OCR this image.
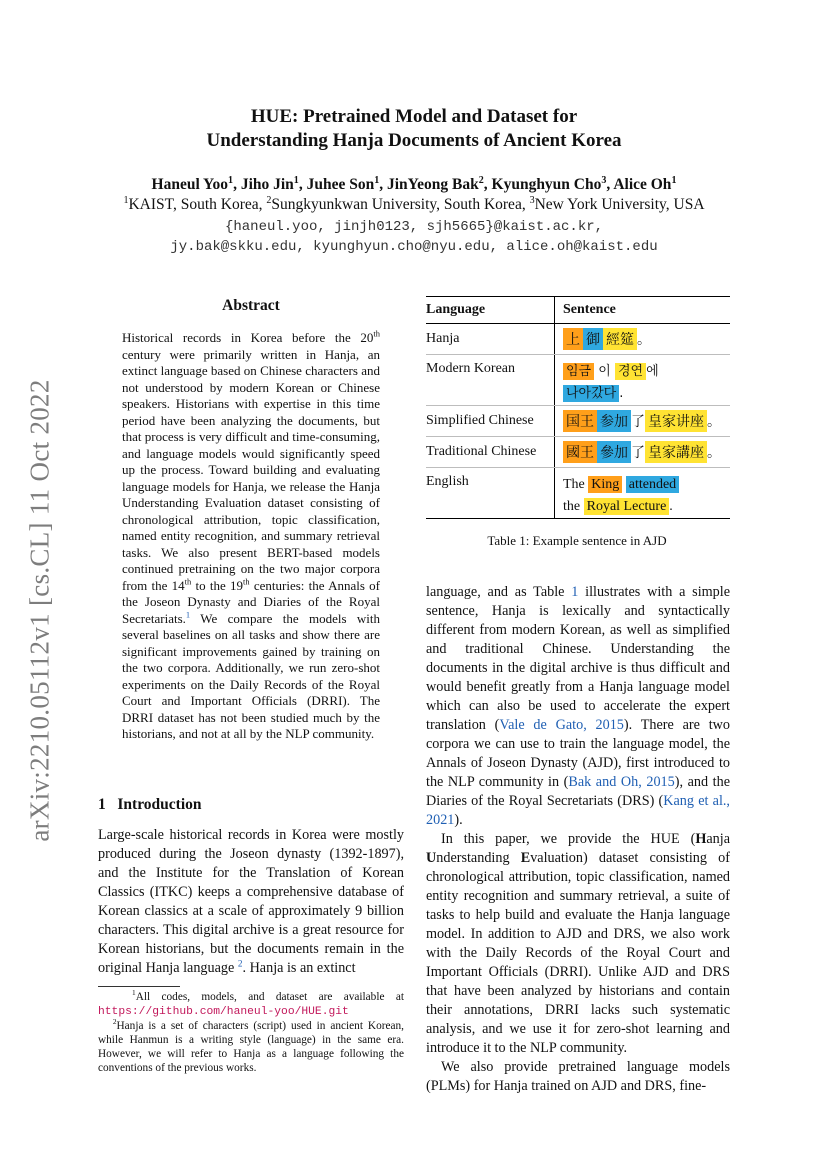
arXiv:2210.05112v1 [cs.CL] 11 Oct 2022
HUE: Pretrained Model and Dataset for
Understanding Hanja Documents of Ancient Korea
Haneul Yoo$^1$, Jiho Jin$^1$, Juhee Son$^1$, JinYeong Bak$^2$, Kyunghyun Cho$^3$, Alice Oh$^1$
$^1$KAIST, South Korea, $^2$Sungkyunkwan University, South Korea, $^3$New York University, USA
{haneul.yoo, jinjh0123, sjh5665}@kaist.ac.kr,
jy.bak@skku.edu, kyunghyun.cho@nyu.edu, alice.oh@kaist.edu
Abstract
Historical records in Korea before the 20th century were primarily written in Hanja, an extinct language based on Chinese characters and not understood by modern Korean or Chinese speakers. Historians with expertise in this time period have been analyzing the documents, but that process is very difficult and time-consuming, and language models would significantly speed up the process. Toward building and evaluating language models for Hanja, we release the Hanja Understanding Evaluation dataset consisting of chronological attribution, topic classification, named entity recognition, and summary retrieval tasks. We also present BERT-based models continued pretraining on the two major corpora from the 14th to the 19th centuries: the Annals of the Joseon Dynasty and Diaries of the Royal Secretariats.$^1$ We compare the models with several baselines on all tasks and show there are significant improvements gained by training on the two corpora. Additionally, we run zero-shot experiments on the Daily Records of the Royal Court and Important Officials (DRRI). The DRRI dataset has not been studied much by the historians, and not at all by the NLP community.
1 Introduction
Large-scale historical records in Korea were mostly produced during the Joseon dynasty (1392-1897), and the Institute for the Translation of Korean Classics (ITKC) keeps a comprehensive database of Korean classics at a scale of approximately 9 billion characters. This digital archive is a great resource for Korean historians, but the documents remain in the original Hanja language $^2$. Hanja is an extinct
$^1$All codes, models, and dataset are available at https://github.com/haneul-yoo/HUE.git
$^2$Hanja is a set of characters (script) used in ancient Korean, while Hanmun is a writing style (language) in the same era. However, we will refer to Hanja as a language following the conventions of the previous works.
Language	Sentence
Hanja	上 御 經筵 。
Modern Korean	임금 이 경연 에
나아갔다 .
Simplified Chinese	国王 参加 了 皇家讲座 。
Traditional Chinese	國王 參加 了 皇家講座 。
English	The King attended
the Royal Lecture .
Table 1: Example sentence in AJD

language, and as Table 1 illustrates with a simple sentence, Hanja is lexically and syntactically different from modern Korean, as well as simplified and traditional Chinese. Understanding the documents in the digital archive is thus difficult and would benefit greatly from a Hanja language model which can also be used to accelerate the expert translation (Vale de Gato, 2015). There are two corpora we can use to train the language model, the Annals of Joseon Dynasty (AJD), first introduced to the NLP community in (Bak and Oh, 2015), and the Diaries of the Royal Secretariats (DRS) (Kang et al., 2021).

In this paper, we provide the HUE (Hanja Understanding Evaluation) dataset consisting of chronological attribution, topic classification, named entity recognition and summary retrieval, a suite of tasks to help build and evaluate the Hanja language model. In addition to AJD and DRS, we also work with the Daily Records of the Royal Court and Important Officials (DRRI). Unlike AJD and DRS that have been analyzed by historians and contain their annotations, DRRI lacks such systematic analysis, and we use it for zero-shot learning and introduce it to the NLP community.

We also provide pretrained language models (PLMs) for Hanja trained on AJD and DRS, fine-
